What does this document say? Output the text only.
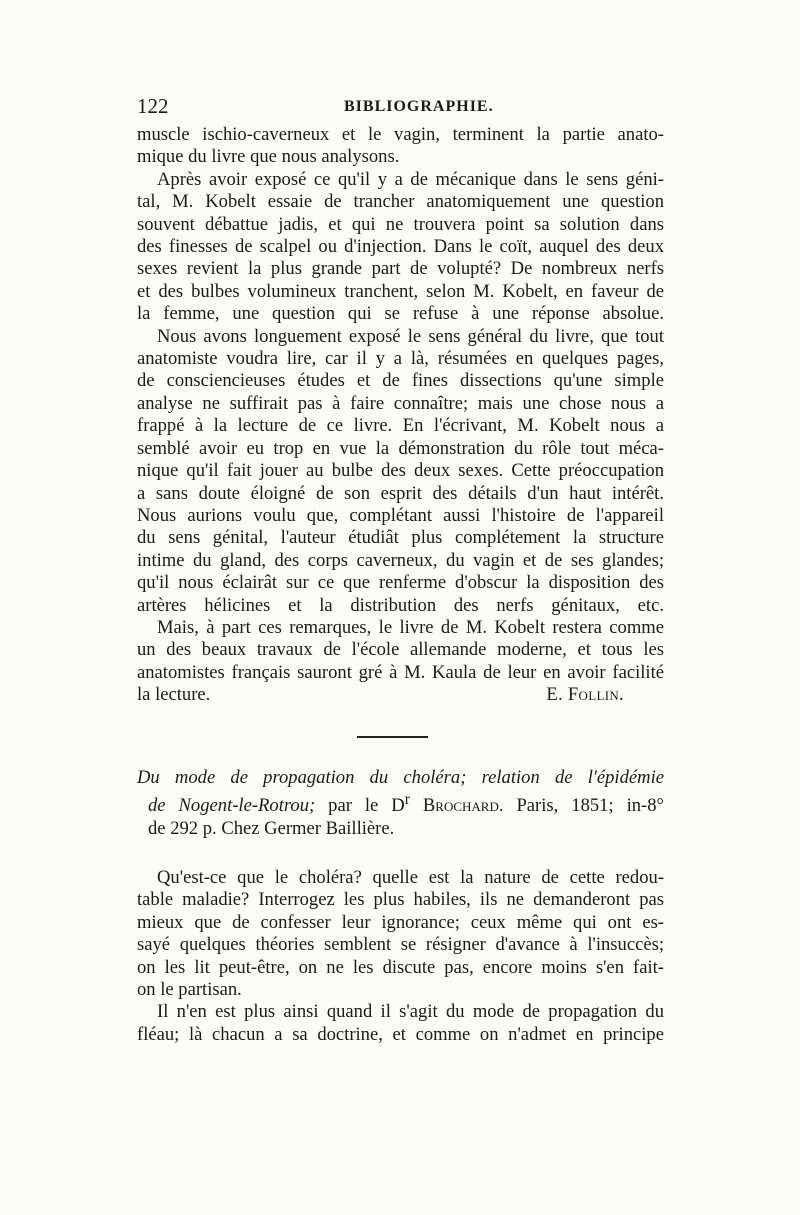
122	BIBLIOGRAPHIE.

muscle ischio-caverneux et le vagin, terminent la partie anato-
mique du livre que nous analysons.

Après avoir exposé ce qu'il y a de mécanique dans le sens géni-
tal, M. Kobelt essaie de trancher anatomiquement une question
souvent débattue jadis, et qui ne trouvera point sa solution dans
des finesses de scalpel ou d'injection. Dans le coït, auquel des deux
sexes revient la plus grande part de volupté? De nombreux nerfs
et des bulbes volumineux tranchent, selon M. Kobelt, en faveur de
la femme, une question qui se refuse à une réponse absolue.

Nous avons longuement exposé le sens général du livre, que tout
anatomiste voudra lire, car il y a là, résumées en quelques pages,
de consciencieuses études et de fines dissections qu'une simple
analyse ne suffirait pas à faire connaître; mais une chose nous a
frappé à la lecture de ce livre. En l'écrivant, M. Kobelt nous a
semblé avoir eu trop en vue la démonstration du rôle tout méca-
nique qu'il fait jouer au bulbe des deux sexes. Cette préoccupation
a sans doute éloigné de son esprit des détails d'un haut intérêt.
Nous aurions voulu que, complétant aussi l'histoire de l'appareil
du sens génital, l'auteur étudiât plus complétement la structure
intime du gland, des corps caverneux, du vagin et de ses glandes;
qu'il nous éclairât sur ce que renferme d'obscur la disposition des
artères hélicines et la distribution des nerfs génitaux, etc.

Mais, à part ces remarques, le livre de M. Kobelt restera comme
un des beaux travaux de l'école allemande moderne, et tous les
anatomistes français sauront gré à M. Kaula de leur en avoir facilité
la lecture.	E. Follin.

Du mode de propagation du choléra; relation de l'épidémie
de Nogent-le-Rotrou; par le $D^r$ Brochard. Paris, 1851; in-8°
de 292 p. Chez Germer Baillière.

Qu'est-ce que le choléra? quelle est la nature de cette redou-
table maladie? Interrogez les plus habiles, ils ne demanderont pas
mieux que de confesser leur ignorance; ceux même qui ont es-
sayé quelques théories semblent se résigner d'avance à l'insuccès;
on les lit peut-être, on ne les discute pas, encore moins s'en fait-
on le partisan.

Il n'en est plus ainsi quand il s'agit du mode de propagation du
fléau; là chacun a sa doctrine, et comme on n'admet en principe
